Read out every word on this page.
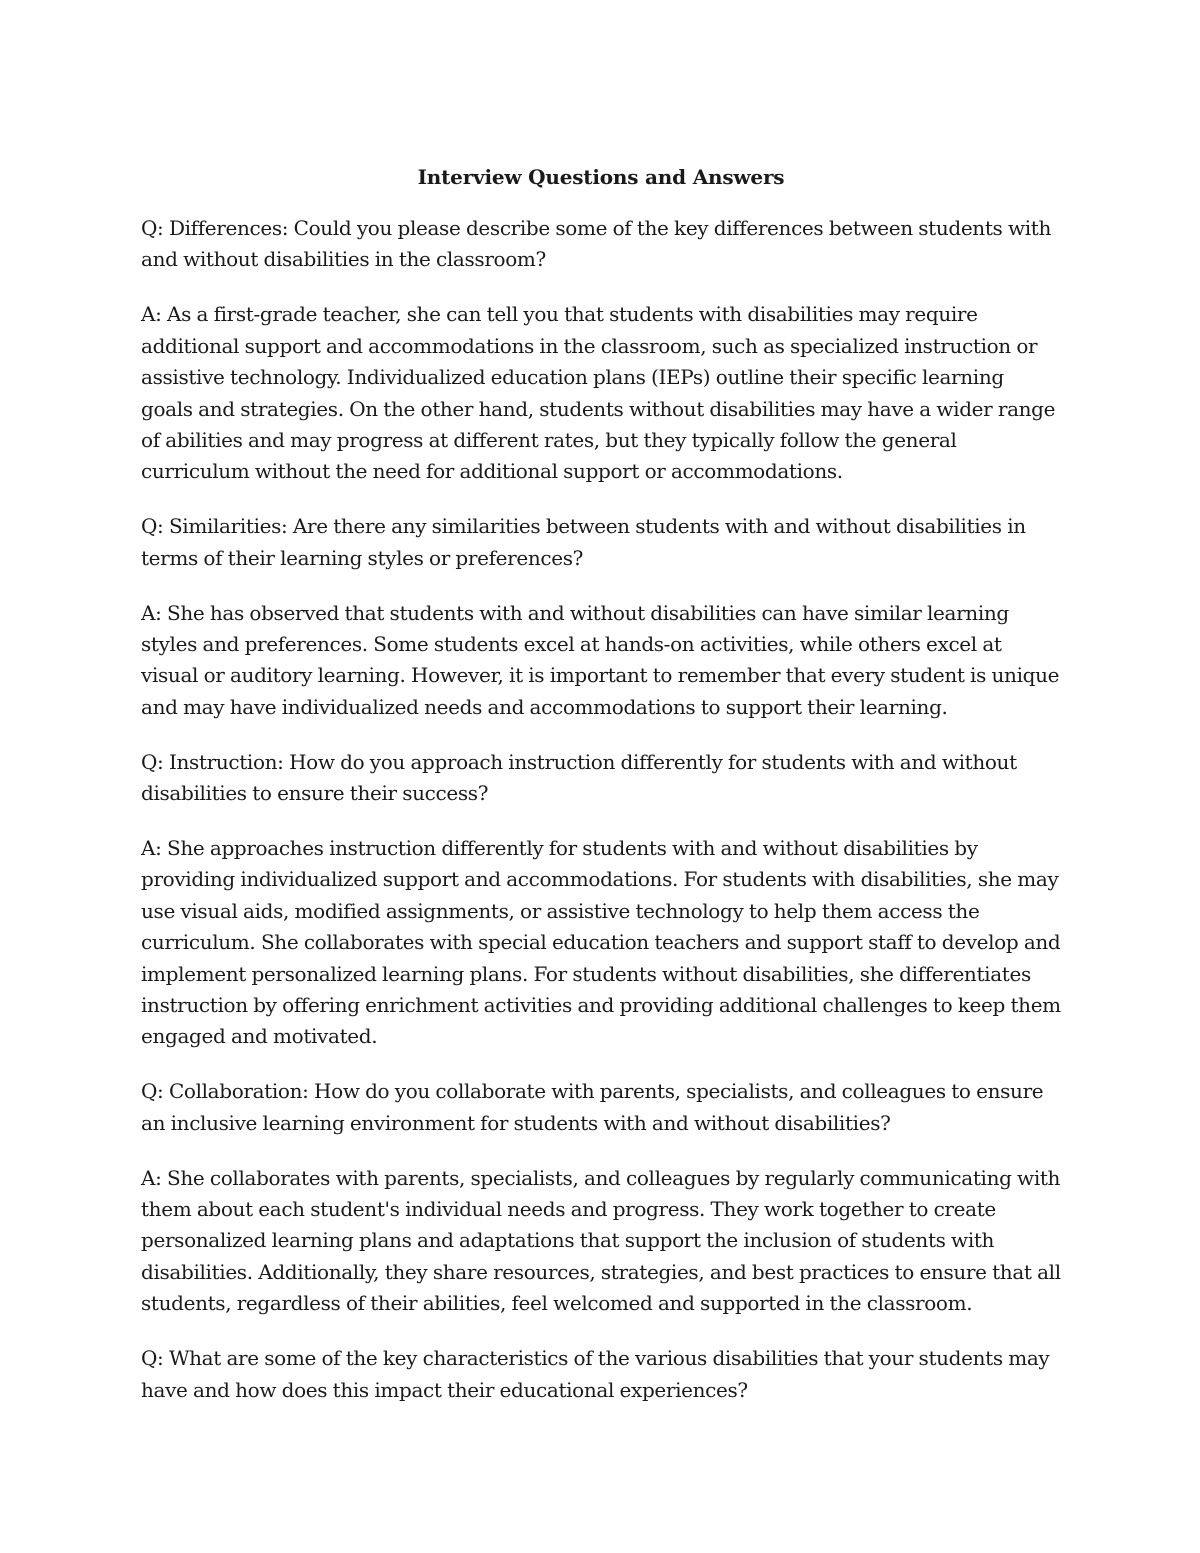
Interview Questions and Answers

Q: Differences: Could you please describe some of the key differences between students with and without disabilities in the classroom?

A: As a first-grade teacher, she can tell you that students with disabilities may require additional support and accommodations in the classroom, such as specialized instruction or assistive technology. Individualized education plans (IEPs) outline their specific learning goals and strategies. On the other hand, students without disabilities may have a wider range of abilities and may progress at different rates, but they typically follow the general curriculum without the need for additional support or accommodations.

Q: Similarities: Are there any similarities between students with and without disabilities in terms of their learning styles or preferences?

A: She has observed that students with and without disabilities can have similar learning styles and preferences. Some students excel at hands-on activities, while others excel at visual or auditory learning. However, it is important to remember that every student is unique and may have individualized needs and accommodations to support their learning.

Q: Instruction: How do you approach instruction differently for students with and without disabilities to ensure their success?

A: She approaches instruction differently for students with and without disabilities by providing individualized support and accommodations. For students with disabilities, she may use visual aids, modified assignments, or assistive technology to help them access the curriculum. She collaborates with special education teachers and support staff to develop and implement personalized learning plans. For students without disabilities, she differentiates instruction by offering enrichment activities and providing additional challenges to keep them engaged and motivated.

Q: Collaboration: How do you collaborate with parents, specialists, and colleagues to ensure an inclusive learning environment for students with and without disabilities?

A: She collaborates with parents, specialists, and colleagues by regularly communicating with them about each student's individual needs and progress. They work together to create personalized learning plans and adaptations that support the inclusion of students with disabilities. Additionally, they share resources, strategies, and best practices to ensure that all students, regardless of their abilities, feel welcomed and supported in the classroom.

Q: What are some of the key characteristics of the various disabilities that your students may have and how does this impact their educational experiences?
